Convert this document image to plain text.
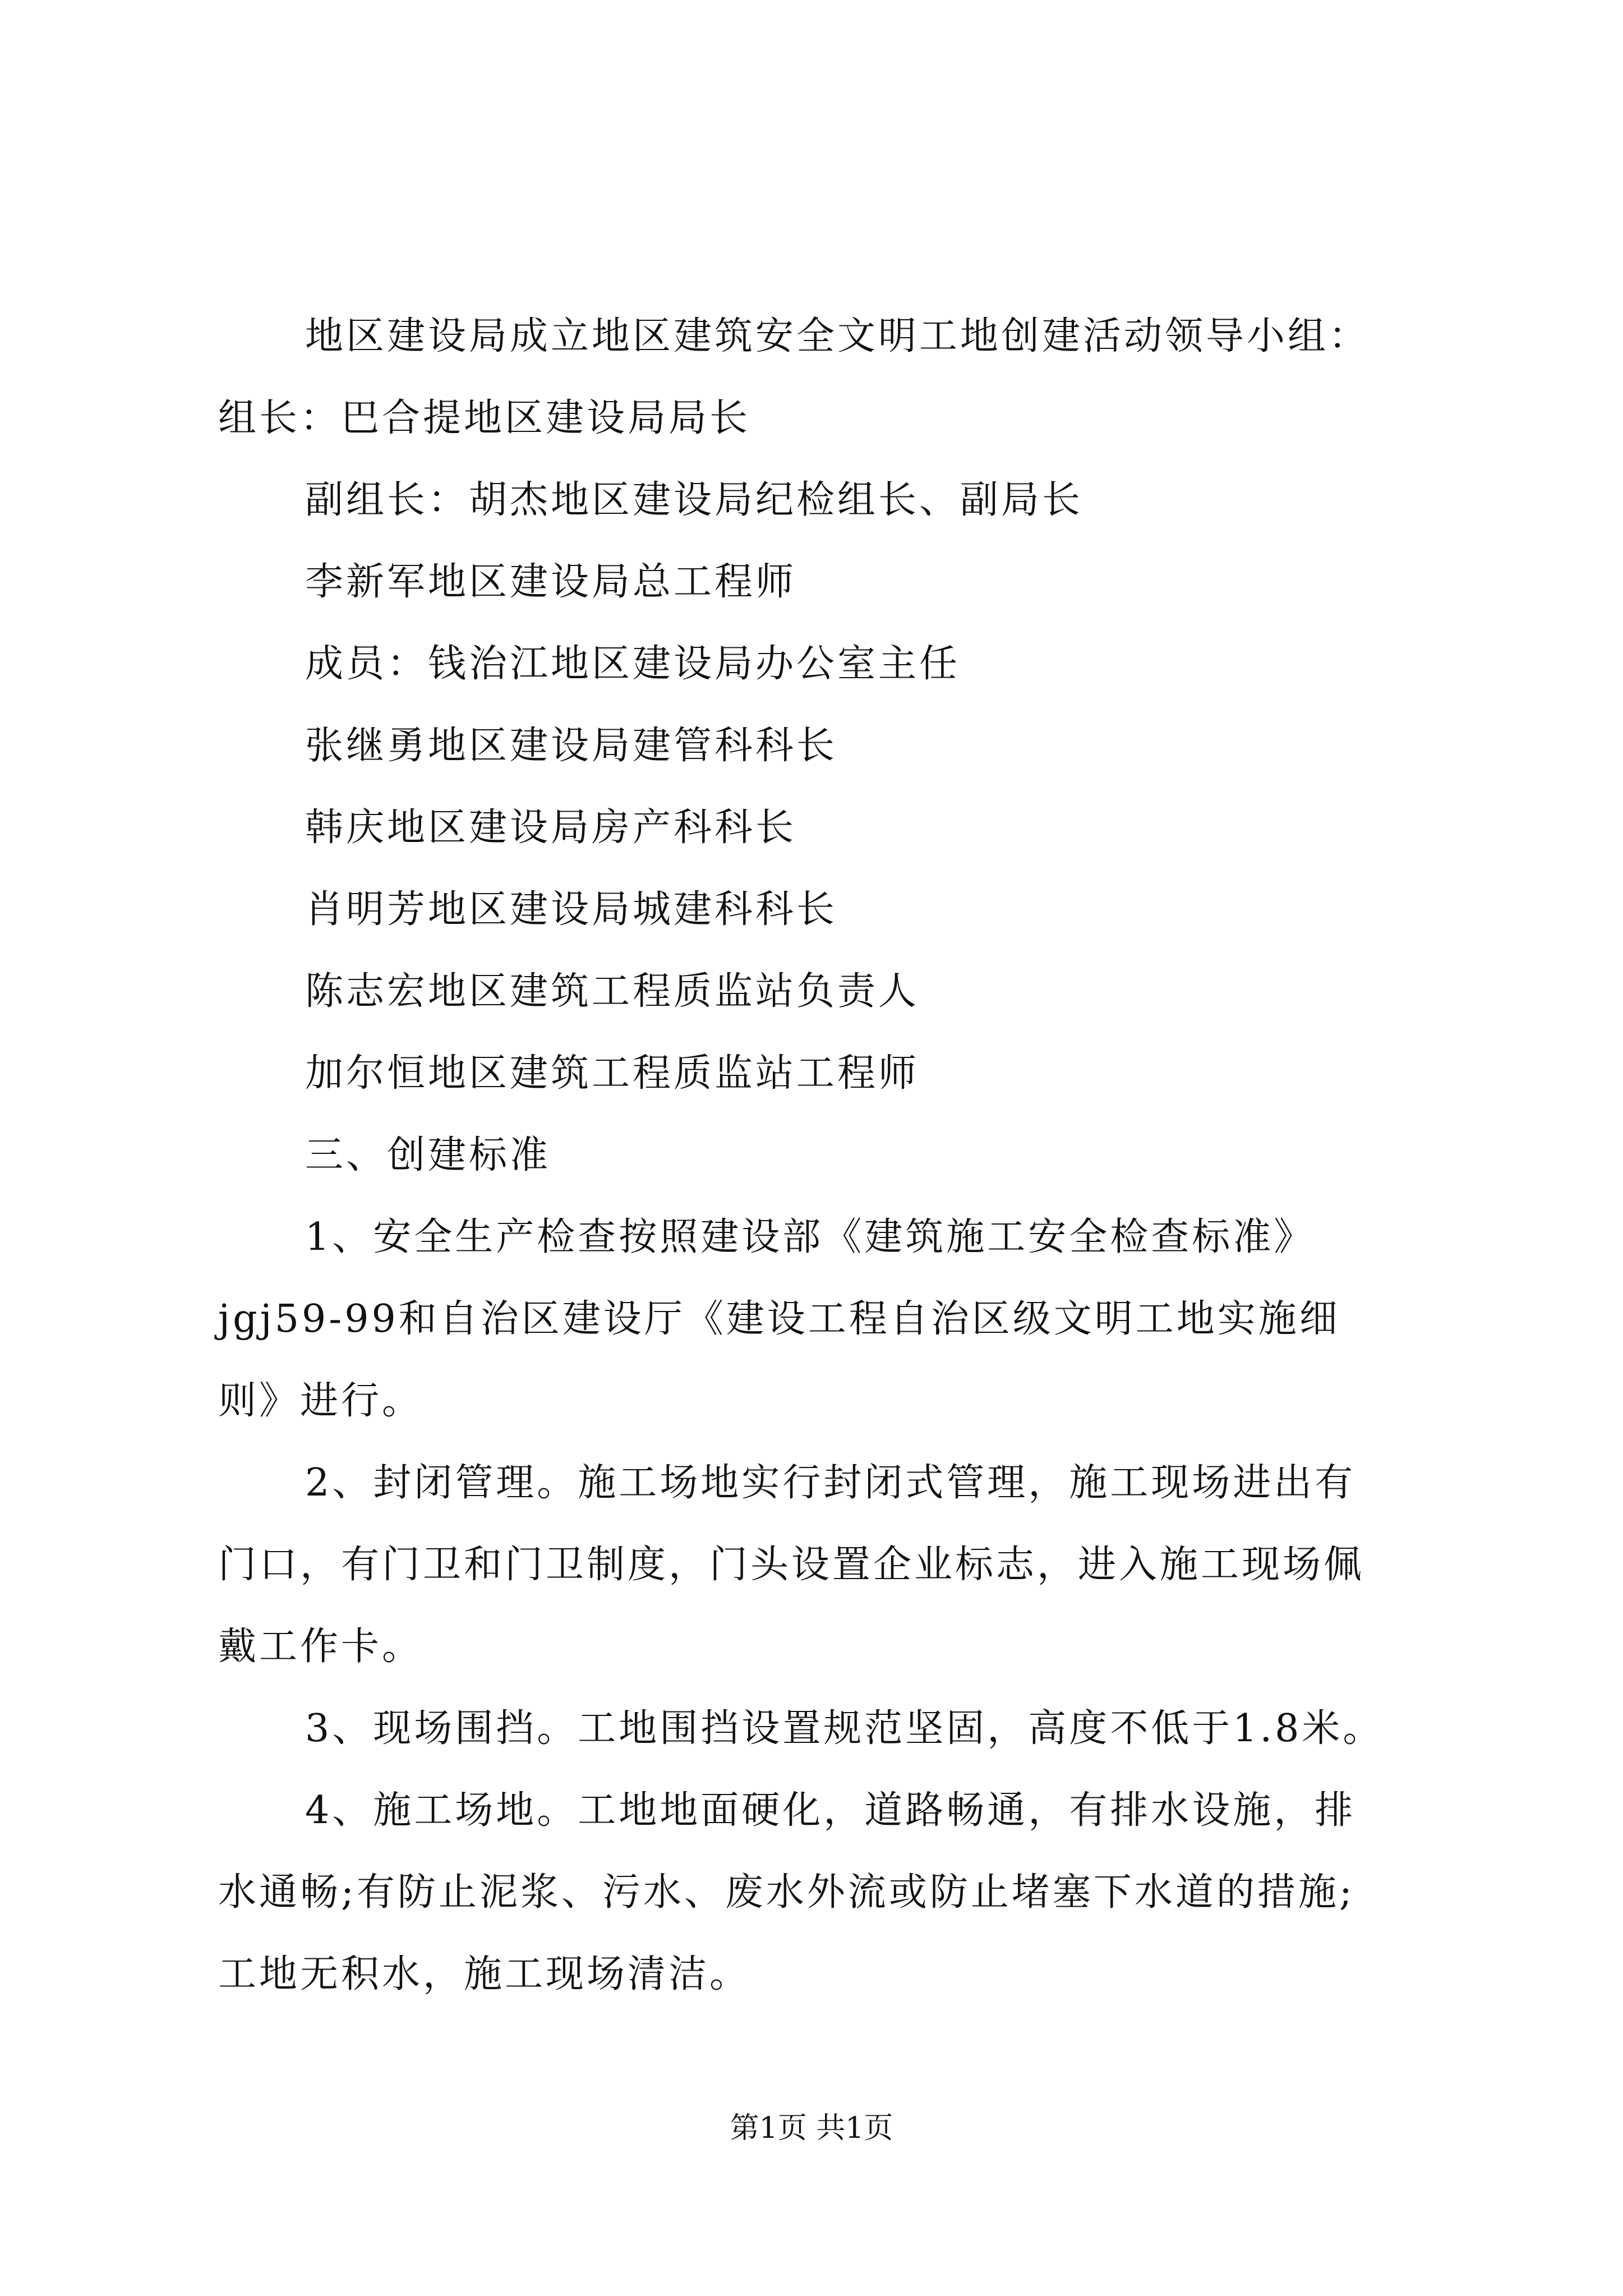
地区建设局成立地区建筑安全文明工地创建活动领导小组：
组长：巴合提地区建设局局长
副组长：胡杰地区建设局纪检组长、副局长
李新军地区建设局总工程师
成员：钱治江地区建设局办公室主任
张继勇地区建设局建管科科长
韩庆地区建设局房产科科长
肖明芳地区建设局城建科科长
陈志宏地区建筑工程质监站负责人
加尔恒地区建筑工程质监站工程师
三、创建标准
1、安全生产检查按照建设部《建筑施工安全检查标准》
jgj59-99和自治区建设厅《建设工程自治区级文明工地实施细
则》进行。
2、封闭管理。施工场地实行封闭式管理，施工现场进出有
门口，有门卫和门卫制度，门头设置企业标志，进入施工现场佩
戴工作卡。
3、现场围挡。工地围挡设置规范坚固，高度不低于1.8米。
4、施工场地。工地地面硬化，道路畅通，有排水设施，排
水通畅;有防止泥浆、污水、废水外流或防止堵塞下水道的措施;
工地无积水，施工现场清洁。
第1页 共1页
